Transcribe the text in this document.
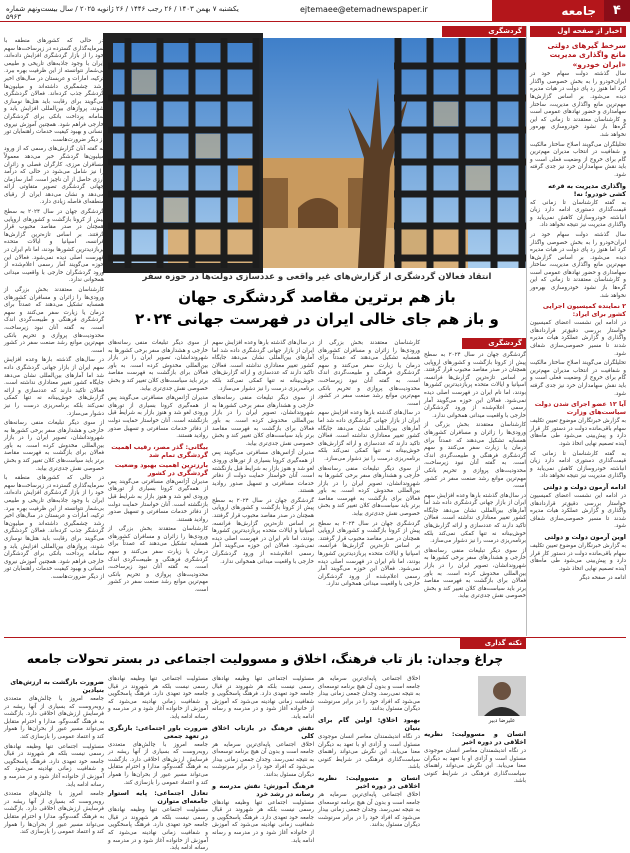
۴
جامعه
ejtemaee@etemadnewspaper.ir
یکشنبه ۷ بهمن ۱۴۰۳ / ۲۶ رجب ۱۴۴۶ / ۲۶ ژانویه ۲۰۲۵ / سال بیست‌ونهم شماره ۵۹۶۳
اخبار از صفحه اول
سرخط گیرهای دولتی مانع واگذاری مدیریت «ایران خودرو»

سال گذشته دولت سهام خود در ایران‌خودرو را به بخش خصوصی واگذار کرد اما هنوز رد پای دولت در هیات مدیره دیده می‌شود. بر اساس گزارش‌ها مهم‌ترین مانع واگذاری مدیریت، ساختار سهامداری و حضور نهادهای عمومی است و کارشناسان معتقدند تا زمانی که این گره‌ها باز نشود خودروسازی بهره‌ور نخواهد شد.

تحلیلگران می‌گویند اصلاح ساختار مالکیت و شفافیت در انتخاب مدیران مهم‌ترین گام برای خروج از وضعیت فعلی است و باید نقش سهامداران خرد نیز جدی گرفته شود.

واگذاری مدیریت به قرعه کشی خودرو؛ نه!

به گفته کارشناسان تا زمانی که قیمت‌گذاری دستوری ادامه دارد زیان انباشته خودروسازان کاهش نمی‌یابد و واگذاری مدیریت نیز نتیجه نخواهد داد.

سال گذشته دولت سهام خود در ایران‌خودرو را به بخش خصوصی واگذار کرد اما هنوز رد پای دولت در هیات مدیره دیده می‌شود. بر اساس گزارش‌ها مهم‌ترین مانع واگذاری مدیریت، ساختار سهامداری و حضور نهادهای عمومی است و کارشناسان معتقدند تا زمانی که این گره‌ها باز نشود خودروسازی بهره‌ور نخواهد شد.

۲ نماینده کمیسیون اجرایی کشور برای ایراد:

در ادامه این نشست اعضای کمیسیون خواستار بررسی دقیق‌تر قراردادهای واگذاری و گزارش عملکرد هیات مدیره شدند تا مسیر خصوصی‌سازی شفاف شود.

تحلیلگران می‌گویند اصلاح ساختار مالکیت و شفافیت در انتخاب مدیران مهم‌ترین گام برای خروج از وضعیت فعلی است و باید نقش سهامداران خرد نیز جدی گرفته شود.

آیا ۱۲ عضو اجرای شدن دولت سیاست‌های وزارت

به گزارش خبرنگاران موضوع تعیین تکلیف سهام باقی‌مانده دولت در دستور کار قرار دارد و پیش‌بینی می‌شود طی ماه‌های آینده تصمیم نهایی اتخاذ شود.

به گفته کارشناسان تا زمانی که قیمت‌گذاری دستوری ادامه دارد زیان انباشته خودروسازان کاهش نمی‌یابد و واگذاری مدیریت نیز نتیجه نخواهد داد.

ادامه آرمون دولت و دولتی

در ادامه این نشست اعضای کمیسیون خواستار بررسی دقیق‌تر قراردادهای واگذاری و گزارش عملکرد هیات مدیره شدند تا مسیر خصوصی‌سازی شفاف شود.

اوین آرمون دولت و دولتی

به گزارش خبرنگاران موضوع تعیین تکلیف سهام باقی‌مانده دولت در دستور کار قرار دارد و پیش‌بینی می‌شود طی ماه‌های آینده تصمیم نهایی اتخاذ شود.

ادامه در صفحه دیگر

گردشگری

در حالی که کشورهای منطقه با سرمایه‌گذاری گسترده در زیرساخت‌ها سهم خود را از بازار گردشگری افزایش داده‌اند، ایران با وجود جاذبه‌های تاریخی و طبیعی بی‌شمار نتوانسته از این ظرفیت بهره ببرد. ترکیه، امارات و عربستان در سال‌های اخیر رشد چشمگیری داشته‌اند و میلیون‌ها گردشگر جذب کرده‌اند. فعالان گردشگری می‌گویند برای رقابت باید هتل‌ها نوسازی شوند، پروازهای بین‌المللی افزایش یابد و سامانه پرداخت بانکی برای گردشگران خارجی فراهم شود. همچنین آموزش نیروی انسانی و بهبود کیفیت خدمات راهنمایان تور از دیگر ضرورت‌هاست.

به گفته آنان گزارش‌های رسمی که از ورود میلیون‌ها گردشگر خبر می‌دهد معمولاً مسافران مرزی، کارگران فصلی و زائران را نیز شامل می‌شود در حالی که درآمد ارزی حاصل از آن ناچیز است. آمار سازمان جهانی گردشگری تصویر متفاوتی ارائه می‌دهد و نشان می‌دهد ایران از رقبای منطقه‌ای فاصله زیادی دارد.

گردشگری جهان در سال ۲۰۲۴ به سطح پیش از کرونا بازگشت و کشورهای اروپایی همچنان در صدر مقاصد محبوب قرار گرفتند. بر اساس تازه‌ترین گزارش‌ها فرانسه، اسپانیا و ایالات متحده پربازدیدترین کشورها بودند، اما نام ایران در فهرست اصلی دیده نمی‌شود. فعالان این حوزه می‌گویند آمار رسمی اعلام‌شده از ورود گردشگران خارجی با واقعیت میدانی همخوانی ندارد.

کارشناسان معتقدند بخش بزرگی از ورودی‌ها را زائران و مسافران کشورهای همسایه تشکیل می‌دهند که عمدتاً برای درمان یا زیارت سفر می‌کنند و سهم گردشگری فرهنگی و طبیعت‌گردی اندک است. به گفته آنان نبود زیرساخت، محدودیت‌های پروازی و تحریم بانکی مهم‌ترین موانع رشد صنعت سفر در کشور است.

در سال‌های گذشته بارها وعده افزایش سهم ایران از بازار جهانی گردشگری داده شد اما آمارهای بین‌المللی نشان می‌دهد جایگاه کشور تغییر معناداری نداشته است. فعالان تاکید دارند که عددسازی و ارائه گزارش‌های خوش‌بینانه نه تنها کمکی نمی‌کند بلکه برنامه‌ریزی درست را نیز دشوار می‌سازد.

از سوی دیگر تبلیغات منفی رسانه‌های خارجی و هشدارهای سفر برخی کشورها به شهروندانشان، تصویر ایران را در بازار بین‌المللی مخدوش کرده است. به باور فعالان برای بازگشت به فهرست مقاصد برتر باید سیاست‌های کلان تغییر کند و بخش خصوصی نقش جدی‌تری بیابد.

در حالی که کشورهای منطقه با سرمایه‌گذاری گسترده در زیرساخت‌ها سهم خود را از بازار گردشگری افزایش داده‌اند، ایران با وجود جاذبه‌های تاریخی و طبیعی بی‌شمار نتوانسته از این ظرفیت بهره ببرد. ترکیه، امارات و عربستان در سال‌های اخیر رشد چشمگیری داشته‌اند و میلیون‌ها گردشگر جذب کرده‌اند. فعالان گردشگری می‌گویند برای رقابت باید هتل‌ها نوسازی شوند، پروازهای بین‌المللی افزایش یابد و سامانه پرداخت بانکی برای گردشگران خارجی فراهم شود. همچنین آموزش نیروی انسانی و بهبود کیفیت خدمات راهنمایان تور از دیگر ضرورت‌هاست.

انتقاد فعالان گردشگری از گزارش‌های غیر واقعی و عددسازی دولت‌ها در حوزه سفر
باز هم برترین مقاصد گردشگری جهان
و باز هم جای خالی ایران در فهرست جهانی ۲۰۲۴
گردشگری

گردشگری جهان در سال ۲۰۲۴ به سطح پیش از کرونا بازگشت و کشورهای اروپایی همچنان در صدر مقاصد محبوب قرار گرفتند. بر اساس تازه‌ترین گزارش‌ها فرانسه، اسپانیا و ایالات متحده پربازدیدترین کشورها بودند، اما نام ایران در فهرست اصلی دیده نمی‌شود. فعالان این حوزه می‌گویند آمار رسمی اعلام‌شده از ورود گردشگران خارجی با واقعیت میدانی همخوانی ندارد.

کارشناسان معتقدند بخش بزرگی از ورودی‌ها را زائران و مسافران کشورهای همسایه تشکیل می‌دهند که عمدتاً برای درمان یا زیارت سفر می‌کنند و سهم گردشگری فرهنگی و طبیعت‌گردی اندک است. به گفته آنان نبود زیرساخت، محدودیت‌های پروازی و تحریم بانکی مهم‌ترین موانع رشد صنعت سفر در کشور است.

در سال‌های گذشته بارها وعده افزایش سهم ایران از بازار جهانی گردشگری داده شد اما آمارهای بین‌المللی نشان می‌دهد جایگاه کشور تغییر معناداری نداشته است. فعالان تاکید دارند که عددسازی و ارائه گزارش‌های خوش‌بینانه نه تنها کمکی نمی‌کند بلکه برنامه‌ریزی درست را نیز دشوار می‌سازد.

از سوی دیگر تبلیغات منفی رسانه‌های خارجی و هشدارهای سفر برخی کشورها به شهروندانشان، تصویر ایران را در بازار بین‌المللی مخدوش کرده است. به باور فعالان برای بازگشت به فهرست مقاصد برتر باید سیاست‌های کلان تغییر کند و بخش خصوصی نقش جدی‌تری بیابد.

کارشناسان معتقدند بخش بزرگی از ورودی‌ها را زائران و مسافران کشورهای همسایه تشکیل می‌دهند که عمدتاً برای درمان یا زیارت سفر می‌کنند و سهم گردشگری فرهنگی و طبیعت‌گردی اندک است. به گفته آنان نبود زیرساخت، محدودیت‌های پروازی و تحریم بانکی مهم‌ترین موانع رشد صنعت سفر در کشور است.

در سال‌های گذشته بارها وعده افزایش سهم ایران از بازار جهانی گردشگری داده شد اما آمارهای بین‌المللی نشان می‌دهد جایگاه کشور تغییر معناداری نداشته است. فعالان تاکید دارند که عددسازی و ارائه گزارش‌های خوش‌بینانه نه تنها کمکی نمی‌کند بلکه برنامه‌ریزی درست را نیز دشوار می‌سازد.

از سوی دیگر تبلیغات منفی رسانه‌های خارجی و هشدارهای سفر برخی کشورها به شهروندانشان، تصویر ایران را در بازار بین‌المللی مخدوش کرده است. به باور فعالان برای بازگشت به فهرست مقاصد برتر باید سیاست‌های کلان تغییر کند و بخش خصوصی نقش جدی‌تری بیابد.

گردشگری جهان در سال ۲۰۲۴ به سطح پیش از کرونا بازگشت و کشورهای اروپایی همچنان در صدر مقاصد محبوب قرار گرفتند. بر اساس تازه‌ترین گزارش‌ها فرانسه، اسپانیا و ایالات متحده پربازدیدترین کشورها بودند، اما نام ایران در فهرست اصلی دیده نمی‌شود. فعالان این حوزه می‌گویند آمار رسمی اعلام‌شده از ورود گردشگران خارجی با واقعیت میدانی همخوانی ندارد.

در سال‌های گذشته بارها وعده افزایش سهم ایران از بازار جهانی گردشگری داده شد اما آمارهای بین‌المللی نشان می‌دهد جایگاه کشور تغییر معناداری نداشته است. فعالان تاکید دارند که عددسازی و ارائه گزارش‌های خوش‌بینانه نه تنها کمکی نمی‌کند بلکه برنامه‌ریزی درست را نیز دشوار می‌سازد.

از سوی دیگر تبلیغات منفی رسانه‌های خارجی و هشدارهای سفر برخی کشورها به شهروندانشان، تصویر ایران را در بازار بین‌المللی مخدوش کرده است. به باور فعالان برای بازگشت به فهرست مقاصد برتر باید سیاست‌های کلان تغییر کند و بخش خصوصی نقش جدی‌تری بیابد.

مدیران آژانس‌های مسافرتی می‌گویند پس از همه‌گیری کرونا بسیاری از تورهای ورودی لغو شد و هنوز بازار به شرایط قبل بازنگشته است. آنان خواستار حمایت دولت از دفاتر خدمات مسافرتی و تسهیل صدور روادید هستند.

گردشگری جهان در سال ۲۰۲۴ به سطح پیش از کرونا بازگشت و کشورهای اروپایی همچنان در صدر مقاصد محبوب قرار گرفتند. بر اساس تازه‌ترین گزارش‌ها فرانسه، اسپانیا و ایالات متحده پربازدیدترین کشورها بودند، اما نام ایران در فهرست اصلی دیده نمی‌شود. فعالان این حوزه می‌گویند آمار رسمی اعلام‌شده از ورود گردشگران خارجی با واقعیت میدانی همخوانی ندارد.

از سوی دیگر تبلیغات منفی رسانه‌های خارجی و هشدارهای سفر برخی کشورها به شهروندانشان، تصویر ایران را در بازار بین‌المللی مخدوش کرده است. به باور فعالان برای بازگشت به فهرست مقاصد برتر باید سیاست‌های کلان تغییر کند و بخش خصوصی نقش جدی‌تری بیابد.

مدیران آژانس‌های مسافرتی می‌گویند پس از همه‌گیری کرونا بسیاری از تورهای ورودی لغو شد و هنوز بازار به شرایط قبل بازنگشته است. آنان خواستار حمایت دولت از دفاتر خدمات مسافرتی و تسهیل صدور روادید هستند.

بیگانی: گذر مصر، رقیب اهمیت گردشگری تمام شد
بارزترین اهمیت بهبود وضعیت گردشگری در کشور

مدیران آژانس‌های مسافرتی می‌گویند پس از همه‌گیری کرونا بسیاری از تورهای ورودی لغو شد و هنوز بازار به شرایط قبل بازنگشته است. آنان خواستار حمایت دولت از دفاتر خدمات مسافرتی و تسهیل صدور روادید هستند.

کارشناسان معتقدند بخش بزرگی از ورودی‌ها را زائران و مسافران کشورهای همسایه تشکیل می‌دهند که عمدتاً برای درمان یا زیارت سفر می‌کنند و سهم گردشگری فرهنگی و طبیعت‌گردی اندک است. به گفته آنان نبود زیرساخت، محدودیت‌های پروازی و تحریم بانکی مهم‌ترین موانع رشد صنعت سفر در کشور است.

نکته گذاری
چراغ وجدان: باز تاب فرهنگ، اخلاق و مسوولیت اجتماعی در بستر تحولات جامعه
علیرضا دبیر
انسان و مسوولیت: نظریه اخلاقی در دوره اخیر

در نگاه اندیشمندان معاصر انسان موجودی مسئول است و آزادی او با تعهد به دیگران معنا می‌یابد. این نگرش می‌تواند راهنمای سیاست‌گذاری فرهنگی در شرایط کنونی باشد.

اخلاق اجتماعی پایه‌ای‌ترین سرمایه هر جامعه است و بدون آن هیچ برنامه توسعه‌ای به نتیجه نمی‌رسد. وجدان جمعی زمانی بیدار می‌شود که افراد خود را در برابر سرنوشت دیگران مسئول بدانند.

بهبود اخلاق: اولین گام برای بنیان

در نگاه اندیشمندان معاصر انسان موجودی مسئول است و آزادی او با تعهد به دیگران معنا می‌یابد. این نگرش می‌تواند راهنمای سیاست‌گذاری فرهنگی در شرایط کنونی باشد.

انسان و مسوولیت: نظریه اخلاقی در دوره اخیر

اخلاق اجتماعی پایه‌ای‌ترین سرمایه هر جامعه است و بدون آن هیچ برنامه توسعه‌ای به نتیجه نمی‌رسد. وجدان جمعی زمانی بیدار می‌شود که افراد خود را در برابر سرنوشت دیگران مسئول بدانند.

مسئولیت اجتماعی تنها وظیفه نهادهای رسمی نیست بلکه هر شهروند در قبال جامعه خود تعهدی دارد. فرهنگ پاسخگویی و شفافیت زمانی نهادینه می‌شود که آموزش از خانواده آغاز شود و در مدرسه و رسانه ادامه یابد.

نقش فرهنگ در بازتاب اخلاق کلی

اخلاق اجتماعی پایه‌ای‌ترین سرمایه هر جامعه است و بدون آن هیچ برنامه توسعه‌ای به نتیجه نمی‌رسد. وجدان جمعی زمانی بیدار می‌شود که افراد خود را در برابر سرنوشت دیگران مسئول بدانند.

فرهنگ آموزش: نقش مدرسه و رسانه در رشد خرد

مسئولیت اجتماعی تنها وظیفه نهادهای رسمی نیست بلکه هر شهروند در قبال جامعه خود تعهدی دارد. فرهنگ پاسخگویی و شفافیت زمانی نهادینه می‌شود که آموزش از خانواده آغاز شود و در مدرسه و رسانه ادامه یابد.

مسئولیت اجتماعی تنها وظیفه نهادهای رسمی نیست بلکه هر شهروند در قبال جامعه خود تعهدی دارد. فرهنگ پاسخگویی و شفافیت زمانی نهادینه می‌شود که آموزش از خانواده آغاز شود و در مدرسه و رسانه ادامه یابد.

ضرورت باور اجتماعی: بازنگری در تعهد جمعی

جامعه امروز با چالش‌های متعددی روبه‌روست که بسیاری از آنها ریشه در فرسایش ارزش‌های اخلاقی دارد. بازگشت به فرهنگ گفت‌وگو، مدارا و احترام متقابل می‌تواند مسیر عبور از بحران‌ها را هموار کند و اعتماد عمومی را بازسازی کند.

تعادل اجتماعی: پایه استوار جامعه‌ای متوازن

مسئولیت اجتماعی تنها وظیفه نهادهای رسمی نیست بلکه هر شهروند در قبال جامعه خود تعهدی دارد. فرهنگ پاسخگویی و شفافیت زمانی نهادینه می‌شود که آموزش از خانواده آغاز شود و در مدرسه و رسانه ادامه یابد.

ضرورت بازگشت به ارزش‌های بنیادین

جامعه امروز با چالش‌های متعددی روبه‌روست که بسیاری از آنها ریشه در فرسایش ارزش‌های اخلاقی دارد. بازگشت به فرهنگ گفت‌وگو، مدارا و احترام متقابل می‌تواند مسیر عبور از بحران‌ها را هموار کند و اعتماد عمومی را بازسازی کند.

مسئولیت اجتماعی تنها وظیفه نهادهای رسمی نیست بلکه هر شهروند در قبال جامعه خود تعهدی دارد. فرهنگ پاسخگویی و شفافیت زمانی نهادینه می‌شود که آموزش از خانواده آغاز شود و در مدرسه و رسانه ادامه یابد.

جامعه امروز با چالش‌های متعددی روبه‌روست که بسیاری از آنها ریشه در فرسایش ارزش‌های اخلاقی دارد. بازگشت به فرهنگ گفت‌وگو، مدارا و احترام متقابل می‌تواند مسیر عبور از بحران‌ها را هموار کند و اعتماد عمومی را بازسازی کند.
